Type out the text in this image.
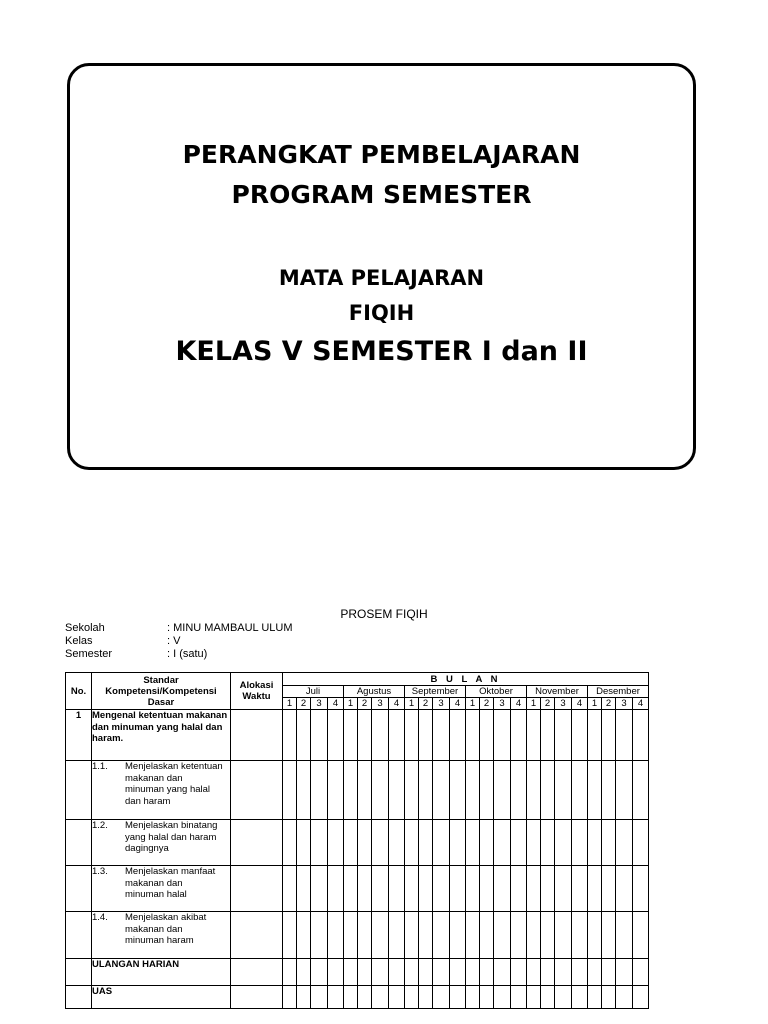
PERANGKAT PEMBELAJARAN
PROGRAM SEMESTER
MATA PELAJARAN
FIQIH
KELAS V SEMESTER I dan II
PROSEM FIQIH
Sekolah	: MINU MAMBAUL ULUM
Kelas	: V
Semester	: I (satu)
No.	Standar Kompetensi/Kompetensi Dasar	Alokasi Waktu	B U L A N																							
			Juli				Agustus				September				Oktober				November				Desember			
			1	2	3	4	1	2	3	4	1	2	3	4	1	2	3	4	1	2	3	4	1	2	3	4
1	Mengenal ketentuan makanan dan minuman yang halal dan haram.																									
	1.1. Menjelaskan ketentuan makanan dan minuman yang halal dan haram																									
	1.2. Menjelaskan binatang yang halal dan haram dagingnya																									
	1.3. Menjelaskan manfaat makanan dan minuman halal																									
	1.4. Menjelaskan akibat makanan dan minuman haram																									
	ULANGAN HARIAN																									
	UAS																									
